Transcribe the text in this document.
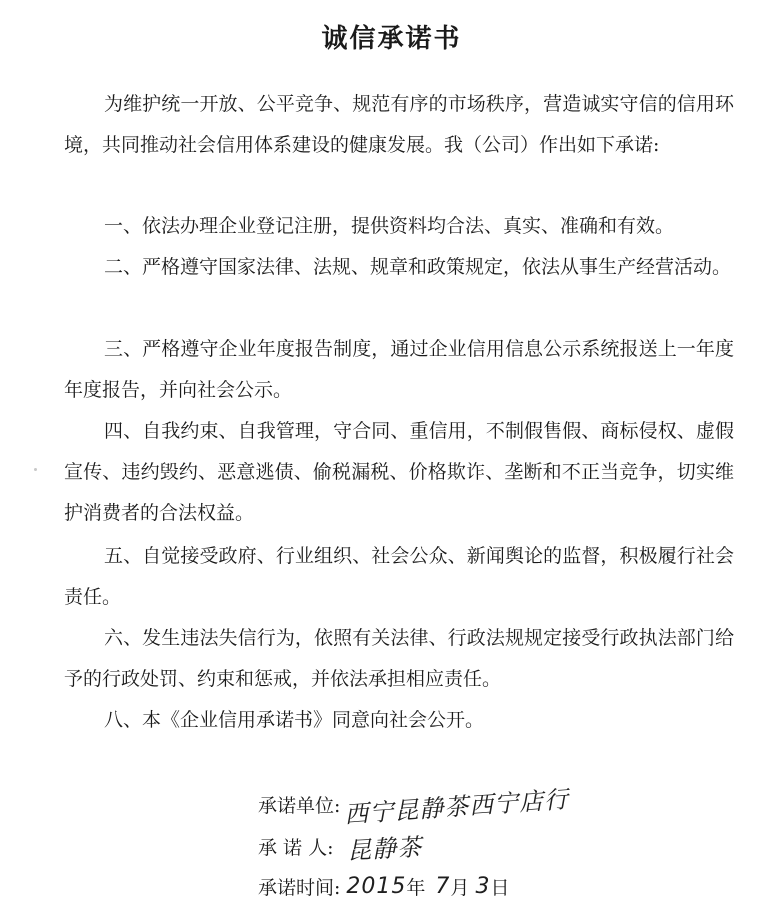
诚信承诺书

为维护统一开放、公平竞争、规范有序的市场秩序，营造诚实守信的信用环境，共同推动社会信用体系建设的健康发展。我（公司）作出如下承诺:

一、依法办理企业登记注册，提供资料均合法、真实、准确和有效。

二、严格遵守国家法律、法规、规章和政策规定，依法从事生产经营活动。

三、严格遵守企业年度报告制度，通过企业信用信息公示系统报送上一年度年度报告，并向社会公示。

四、自我约束、自我管理，守合同、重信用，不制假售假、商标侵权、虚假宣传、违约毁约、恶意逃债、偷税漏税、价格欺诈、垄断和不正当竞争，切实维护消费者的合法权益。

五、自觉接受政府、行业组织、社会公众、新闻舆论的监督，积极履行社会责任。

六、发生违法失信行为，依照有关法律、行政法规规定接受行政执法部门给予的行政处罚、约束和惩戒，并依法承担相应责任。

八、本《企业信用承诺书》同意向社会公开。

承诺单位: 西宁昆静茶西宁店行
承 诺 人: 昆静茶
承诺时间: 2015 年 7 月 3 日
